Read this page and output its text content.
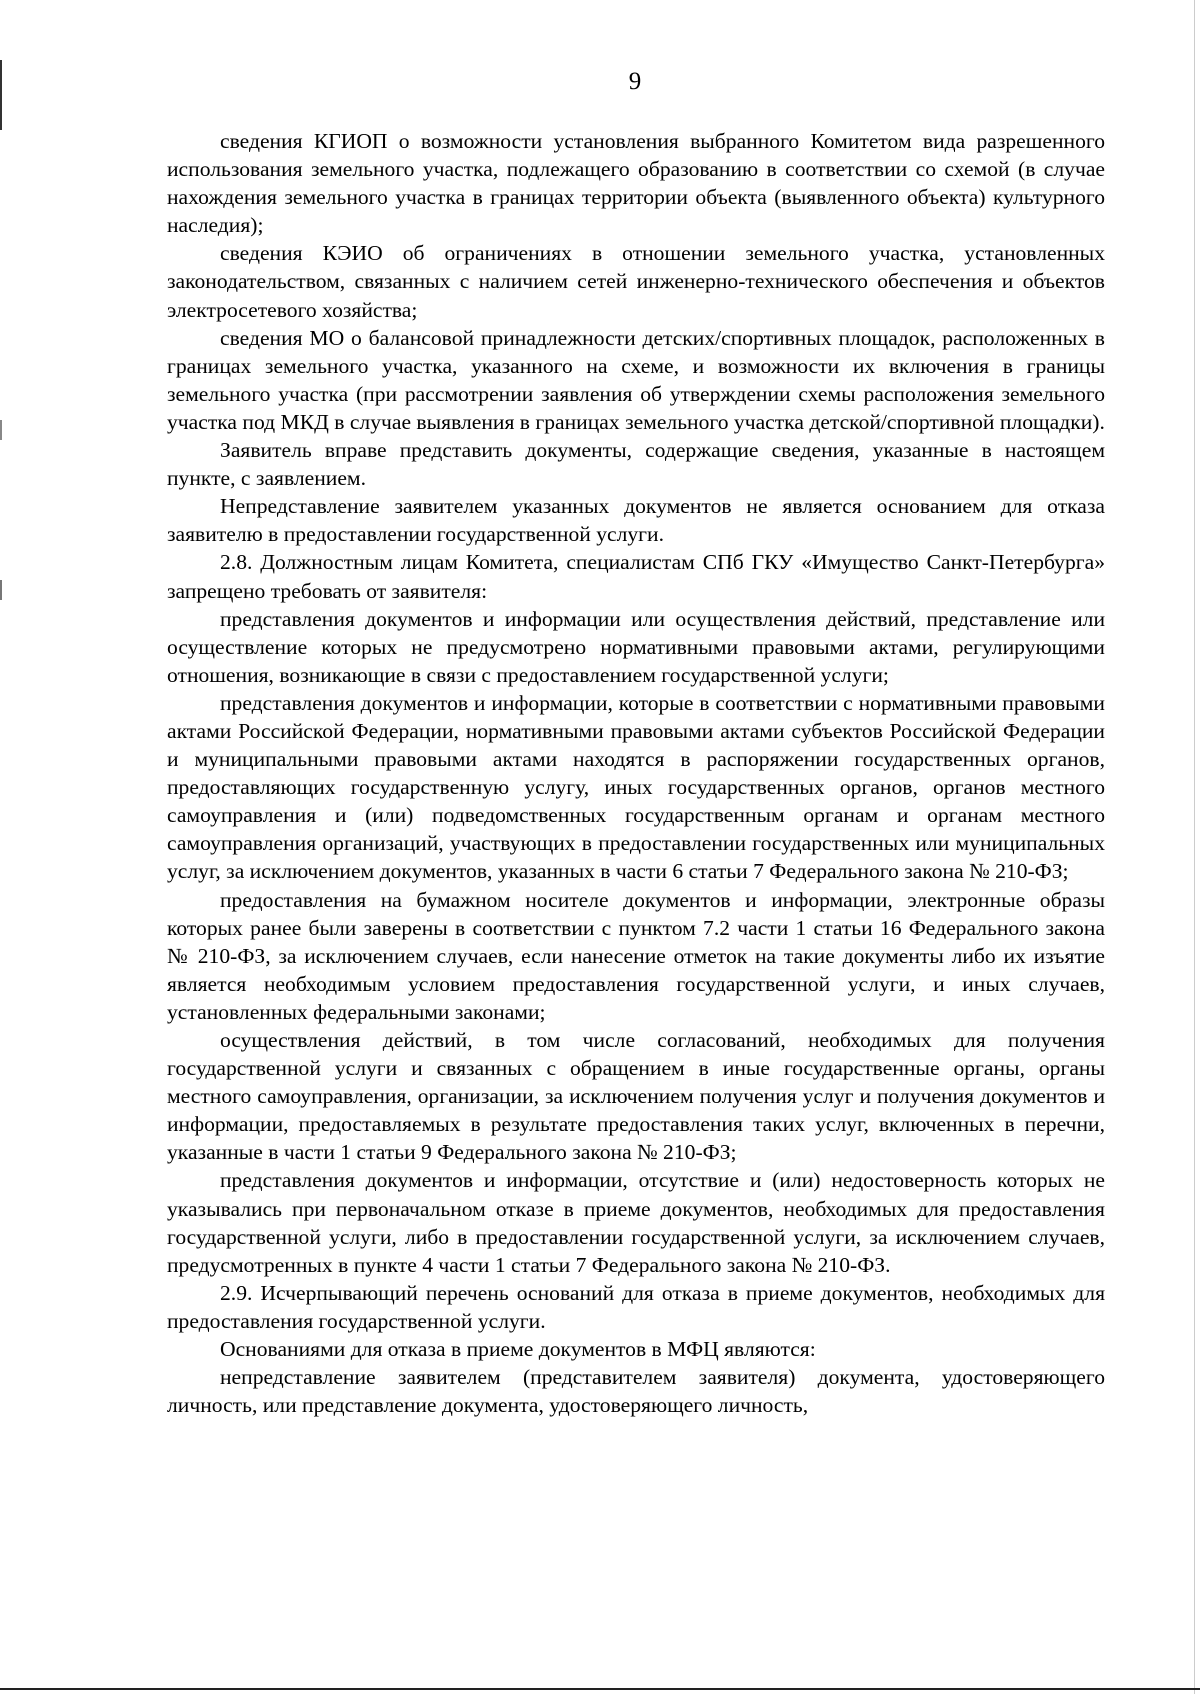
9

сведения КГИОП о возможности установления выбранного Комитетом вида разрешенного использования земельного участка, подлежащего образованию в соответствии со схемой (в случае нахождения земельного участка в границах территории объекта (выявленного объекта) культурного наследия);

сведения КЭИО об ограничениях в отношении земельного участка, установленных законодательством, связанных с наличием сетей инженерно-технического обеспечения и объектов электросетевого хозяйства;

сведения МО о балансовой принадлежности детских/спортивных площадок, расположенных в границах земельного участка, указанного на схеме, и возможности их включения в границы земельного участка (при рассмотрении заявления об утверждении схемы расположения земельного участка под МКД в случае выявления в границах земельного участка детской/спортивной площадки).

Заявитель вправе представить документы, содержащие сведения, указанные в настоящем пункте, с заявлением.

Непредставление заявителем указанных документов не является основанием для отказа заявителю в предоставлении государственной услуги.

2.8. Должностным лицам Комитета, специалистам СПб ГКУ «Имущество Санкт-Петербурга» запрещено требовать от заявителя:

представления документов и информации или осуществления действий, представление или осуществление которых не предусмотрено нормативными правовыми актами, регулирующими отношения, возникающие в связи с предоставлением государственной услуги;

представления документов и информации, которые в соответствии с нормативными правовыми актами Российской Федерации, нормативными правовыми актами субъектов Российской Федерации и муниципальными правовыми актами находятся в распоряжении государственных органов, предоставляющих государственную услугу, иных государственных органов, органов местного самоуправления и (или) подведомственных государственным органам и органам местного самоуправления организаций, участвующих в предоставлении государственных или муниципальных услуг, за исключением документов, указанных в части 6 статьи 7 Федерального закона № 210-ФЗ;

предоставления на бумажном носителе документов и информации, электронные образы которых ранее были заверены в соответствии с пунктом 7.2 части 1 статьи 16 Федерального закона № 210-ФЗ, за исключением случаев, если нанесение отметок на такие документы либо их изъятие является необходимым условием предоставления государственной услуги, и иных случаев, установленных федеральными законами;

осуществления действий, в том числе согласований, необходимых для получения государственной услуги и связанных с обращением в иные государственные органы, органы местного самоуправления, организации, за исключением получения услуг и получения документов и информации, предоставляемых в результате предоставления таких услуг, включенных в перечни, указанные в части 1 статьи 9 Федерального закона № 210-ФЗ;

представления документов и информации, отсутствие и (или) недостоверность которых не указывались при первоначальном отказе в приеме документов, необходимых для предоставления государственной услуги, либо в предоставлении государственной услуги, за исключением случаев, предусмотренных в пункте 4 части 1 статьи 7 Федерального закона № 210-ФЗ.

2.9. Исчерпывающий перечень оснований для отказа в приеме документов, необходимых для предоставления государственной услуги.

Основаниями для отказа в приеме документов в МФЦ являются:

непредставление заявителем (представителем заявителя) документа, удостоверяющего личность, или представление документа, удостоверяющего личность,
